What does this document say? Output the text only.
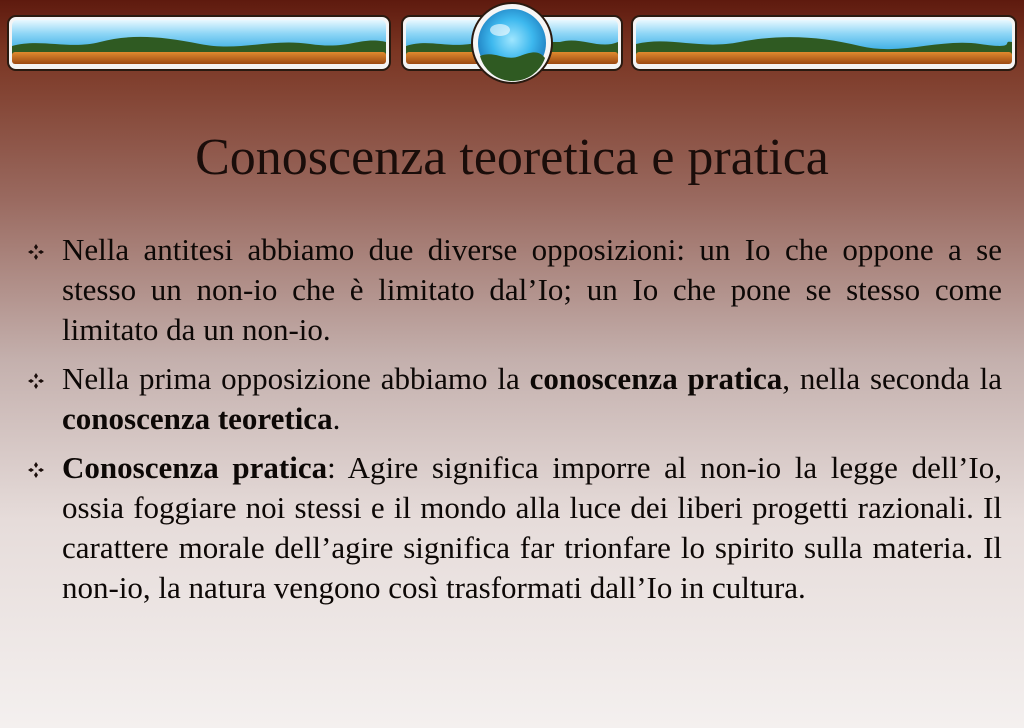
Conoscenza teoretica e pratica
Nella antitesi abbiamo due diverse opposizioni: un Io che oppone a se stesso un non-io che è limitato dal’Io; un Io che pone se stesso come limitato da un non-io.
Nella prima opposizione abbiamo la conoscenza pratica, nella seconda la conoscenza teoretica.
Conoscenza pratica: Agire significa imporre al non-io la legge dell’Io, ossia foggiare noi stessi e il mondo alla luce dei liberi progetti razionali. Il carattere morale dell’agire significa far trionfare lo spirito sulla materia. Il non-io, la natura vengono così trasformati dall’Io in cultura.
